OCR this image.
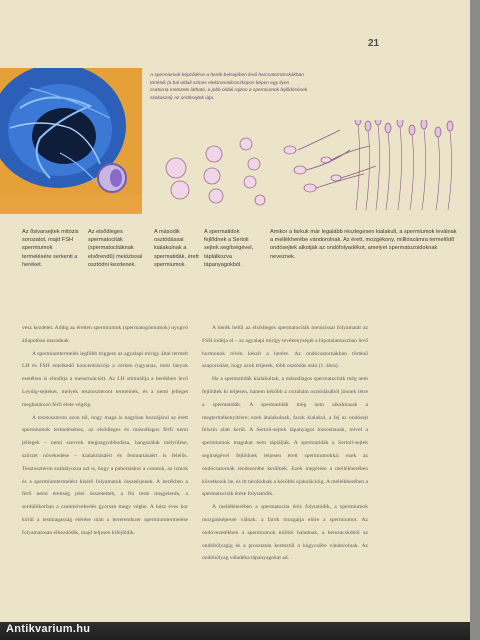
21
A spermiumok képződése a herék belsejében levő hercsatornácskákban történik (a bal oldali színes elektronmikroszkópos képen egy ilyen csatorna metszete látható, a jobb oldali rajzon a spermiumok fejlődésének szakaszai) Az ondósejtek útja.
Az ősivarsejtek mitózis sorozatot, majd FSH spermiumok termelésére serkenti a heréket.
Az elsődleges spermatociták (spermatocitáknak elsőrendű) meiózissal osztódni kezdenek.
A második osztódással kialakulnak a spermatidák, érett spermiumok.
A spermatidok fejlődnek a Sertoli sejtek segítségével, táplálkozva tápanyagokból.
Amikor a farkuk már legalább részlegesen kialakult, a spermiumok leválnak a mellékherébe vándorolnak. Az érett, mozgékony, milliószámra termelődő ondósejtek alkotják az ondófolyadékot, amelyet spermatozoidoknak neveznek.

vesz kezdetét. Addig az éretlen spermiumok (spermatogóniumok) nyugvó állapotban maradnak.

A spermiumtermelés legfőbb triggere az agyalapi mirigy által termelt LH és FSH emelkedő koncentrációja a vérben (ugyanaz, mint lányok esetében is elindítja a menstruációt). Az LH stimulálja a herékben levő Leydig-sejteket, melyek tesztoszteront termelnek, és a nemi jelleget meghatározó férfi élete végéig.

A tesztoszteron azon túl, hogy maga is nagyban hozzájárul az érett spermiumok termeléséhez, az elsődleges és másodlagos férfi nemi jellegek – nemi szervek megnagyobbodása, hangszálak mélyülése, szőrzet növekedése – kialakításáért és fenntartásáért is felelős. Tesztoszteron szabályozza azt is, hogy a pubertáskor a csontok, az izmok és a spermiumtermelést kísérő folyamatok összeérjenek. A herékben a férfi nemi érettség jelei összetettek, a fiú teste megjelenik, a serdülőkorban a csontnövekedés gyorsan megy végbe. A húsz éves kor körül a testmagasság elérése után a hererendszer spermiumtermelése folyamatosan elkezdődik, majd teljesen kifejlődik.

A herék belül az elsődleges spermatociták meiózissal folyamatát az FSH indítja el – az agyalapi mirigy tevékenységét a hipotalamuszban levő hormonok révén készít a herére. Az ondócsatornákban történő szaporodást, hogy azok teljesek, több osztódás után (1. ábra).

Ha a spermatidák kialakultak, a másodlagos spermatociták még nem fejlődtek ki teljesen, hanem később a csírahám osztódásából jönnek létre a spermatidák. A spermatidák még nem alkalmasak a megtermékenyítésre; ezek átalakulnak, farok kialakul, a fej az ondósejt felszín alatt kerül. A Sertoli-sejtek tápanyagot biztosítanak, mivel a spermiumok magukat nem táplálják. A spermatidák a Sertoli-sejtek segítségével fejlődnek teljesen érett spermiumokká; ezek az ondócsatornák rendszerébe kerülnek. Ezek megérése a mellékherében következik be, és itt tárolódnak a későbbi ejakulációig. A mellékherében a spermatociták érése folytatódik.

A mellékherében a spermatocita érés folytatódik, a spermiumok mozgásképessé válnak; a farok mozgatja előre a spermiumot. Az ondóvezetékben a spermiumok milliói haladnak, a herezacskóból az ondóhólyagig és a prosztatán keresztül a húgycsőbe vándorolnak. Az ondóhólyag váladéka tápanyagokat ad.

Antikvarium.hu
